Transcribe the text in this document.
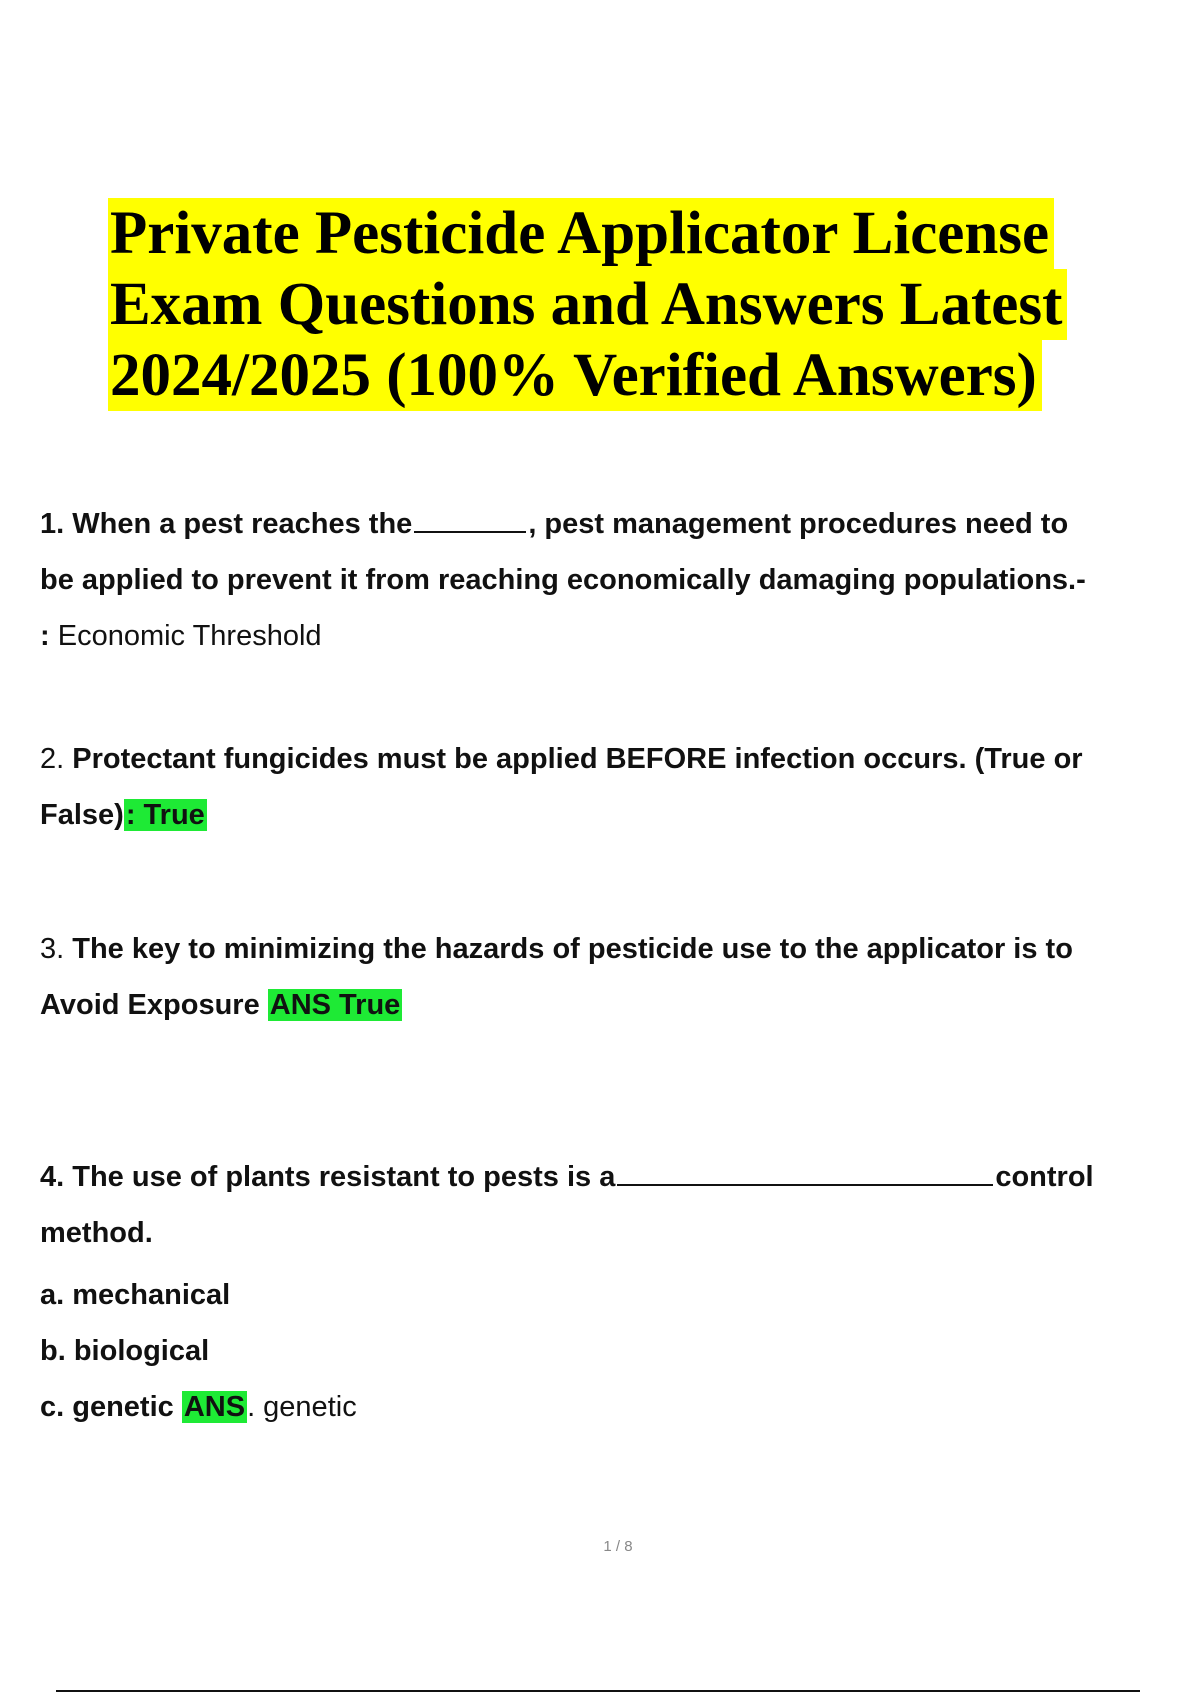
Private Pesticide Applicator License
Exam Questions and Answers Latest
2024/2025 (100% Verified Answers)

1. When a pest reaches the	, pest management procedures need to

be applied to prevent it from reaching economically damaging populations.-

: Economic Threshold

2. Protectant fungicides must be applied BEFORE infection occurs. (True or

False): True

3. The key to minimizing the hazards of pesticide use to the applicator is to

Avoid Exposure ANS True

4. The use of plants resistant to pests is a	control

method.

a. mechanical

b. biological

c. genetic ANS. genetic

1 / 8
